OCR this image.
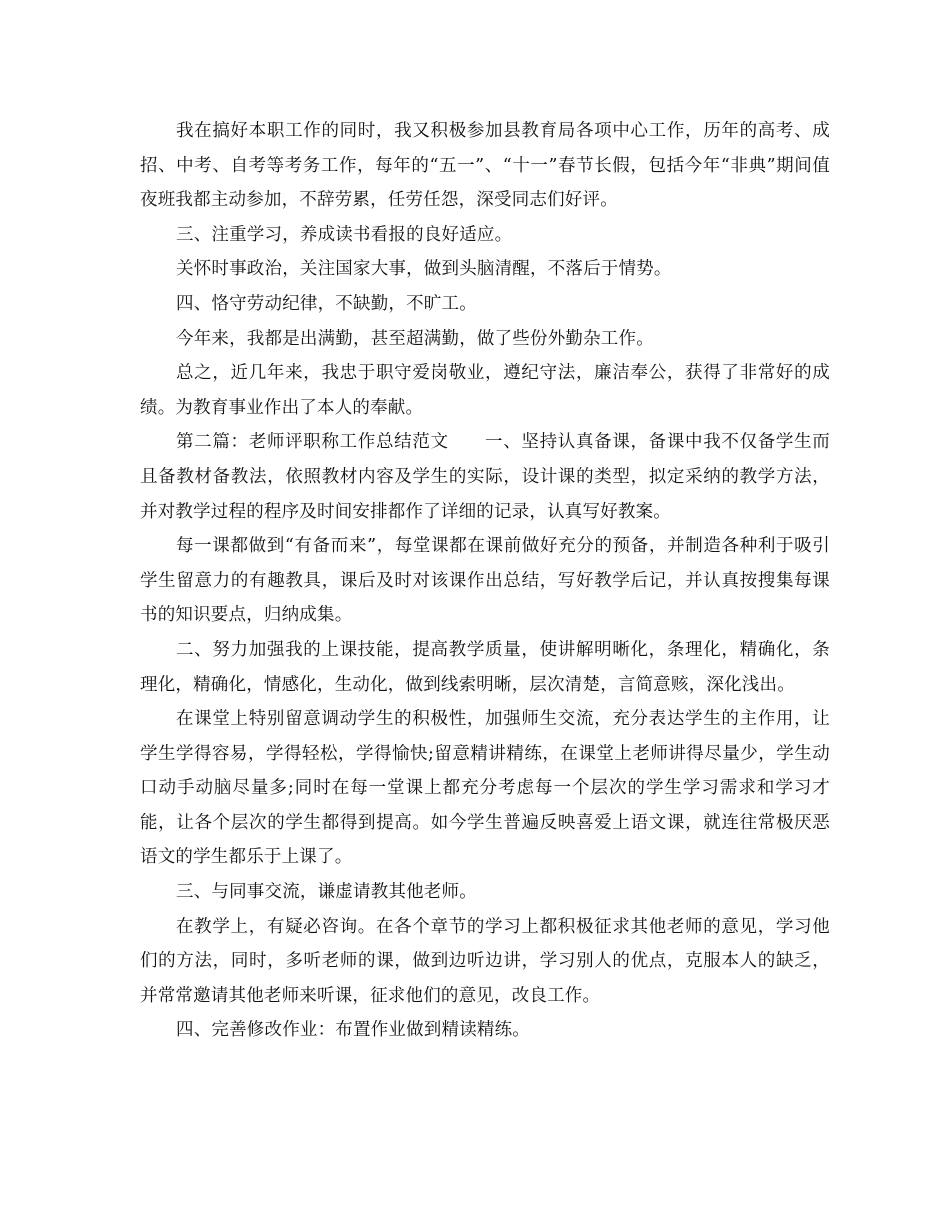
我在搞好本职工作的同时，我又积极参加县教育局各项中心工作，历年的高考、成招、中考、自考等考务工作，每年的“五一”、“十一”春节长假，包括今年“非典”期间值夜班我都主动参加，不辞劳累，任劳任怨，深受同志们好评。

三、注重学习，养成读书看报的良好适应。

关怀时事政治，关注国家大事，做到头脑清醒，不落后于情势。

四、恪守劳动纪律，不缺勤，不旷工。

今年来，我都是出满勤，甚至超满勤，做了些份外勤杂工作。

总之，近几年来，我忠于职守爱岗敬业，遵纪守法，廉洁奉公，获得了非常好的成绩。为教育事业作出了本人的奉献。

第二篇：老师评职称工作总结范文　　一、坚持认真备课，备课中我不仅备学生而且备教材备教法，依照教材内容及学生的实际，设计课的类型，拟定采纳的教学方法，并对教学过程的程序及时间安排都作了详细的记录，认真写好教案。

每一课都做到“有备而来”，每堂课都在课前做好充分的预备，并制造各种利于吸引学生留意力的有趣教具，课后及时对该课作出总结，写好教学后记，并认真按搜集每课书的知识要点，归纳成集。

二、努力加强我的上课技能，提高教学质量，使讲解明晰化，条理化，精确化，条理化，精确化，情感化，生动化，做到线索明晰，层次清楚，言简意赅，深化浅出。

在课堂上特别留意调动学生的积极性，加强师生交流，充分表达学生的主作用，让学生学得容易，学得轻松，学得愉快;留意精讲精练，在课堂上老师讲得尽量少，学生动口动手动脑尽量多;同时在每一堂课上都充分考虑每一个层次的学生学习需求和学习才能，让各个层次的学生都得到提高。如今学生普遍反映喜爱上语文课，就连往常极厌恶语文的学生都乐于上课了。

三、与同事交流，谦虚请教其他老师。

在教学上，有疑必咨询。在各个章节的学习上都积极征求其他老师的意见，学习他们的方法，同时，多听老师的课，做到边听边讲，学习别人的优点，克服本人的缺乏，并常常邀请其他老师来听课，征求他们的意见，改良工作。

四、完善修改作业：布置作业做到精读精练。
